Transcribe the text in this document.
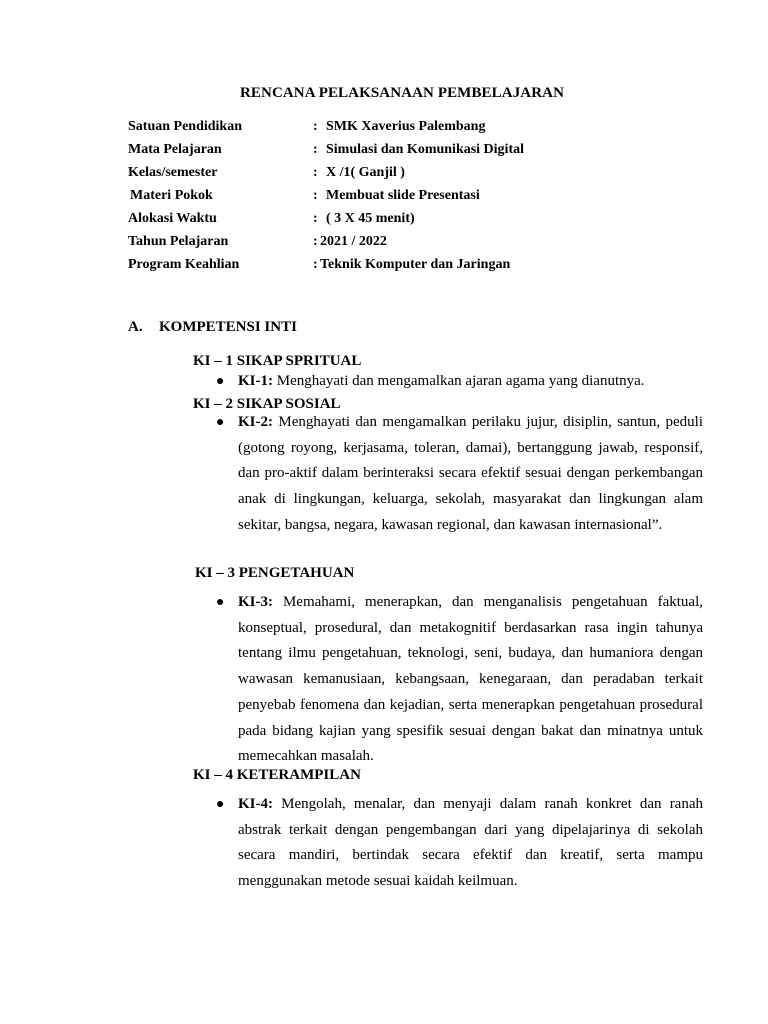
RENCANA PELAKSANAAN PEMBELAJARAN
Satuan Pendidikan	: SMK Xaverius Palembang
Mata Pelajaran	: Simulasi dan Komunikasi Digital
Kelas/semester	: X /1( Ganjil )
Materi Pokok	: Membuat slide Presentasi
Alokasi Waktu	: ( 3 X 45 menit)
Tahun Pelajaran	: 2021 / 2022
Program Keahlian	: Teknik Komputer dan Jaringan
A. KOMPETENSI INTI
KI – 1 SIKAP SPRITUAL
● KI-1: Menghayati dan mengamalkan ajaran agama yang dianutnya.
KI – 2 SIKAP SOSIAL
● KI-2: Menghayati dan mengamalkan perilaku jujur, disiplin, santun, peduli (gotong royong, kerjasama, toleran, damai), bertanggung jawab, responsif, dan pro-aktif dalam berinteraksi secara efektif sesuai dengan perkembangan anak di lingkungan, keluarga, sekolah, masyarakat dan lingkungan alam sekitar, bangsa, negara, kawasan regional, dan kawasan internasional”.
KI – 3 PENGETAHUAN
● KI-3: Memahami, menerapkan, dan menganalisis pengetahuan faktual, konseptual, prosedural, dan metakognitif berdasarkan rasa ingin tahunya tentang ilmu pengetahuan, teknologi, seni, budaya, dan humaniora dengan wawasan kemanusiaan, kebangsaan, kenegaraan, dan peradaban terkait penyebab fenomena dan kejadian, serta menerapkan pengetahuan prosedural pada bidang kajian yang spesifik sesuai dengan bakat dan minatnya untuk memecahkan masalah.
KI – 4 KETERAMPILAN
● KI-4: Mengolah, menalar, dan menyaji dalam ranah konkret dan ranah abstrak terkait dengan pengembangan dari yang dipelajarinya di sekolah secara mandiri, bertindak secara efektif dan kreatif, serta mampu menggunakan metode sesuai kaidah keilmuan.
